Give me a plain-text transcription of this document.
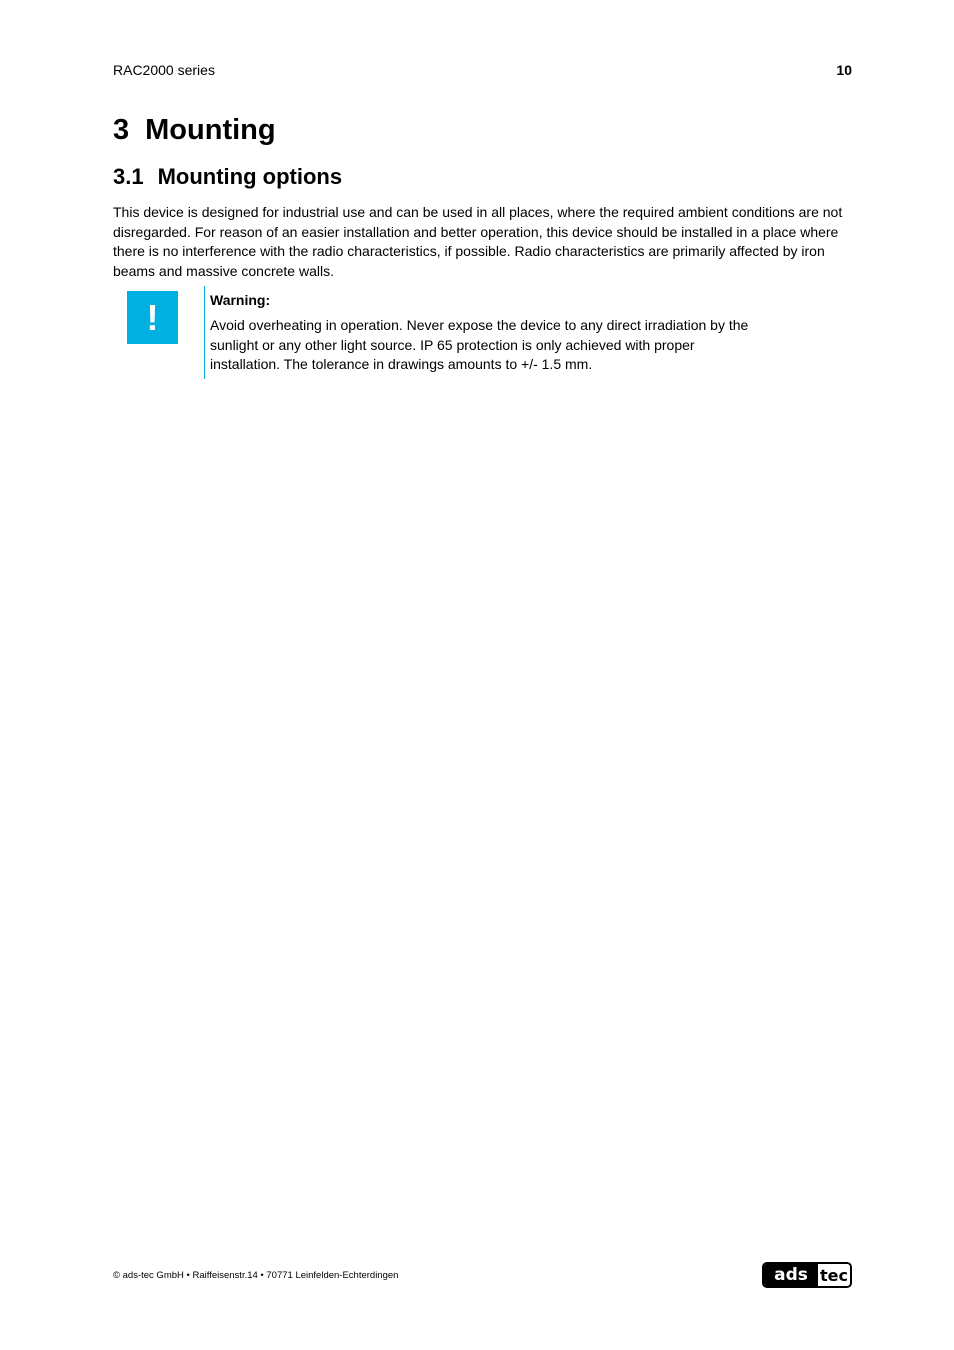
RAC2000 series	10
3 Mounting
3.1 Mounting options

This device is designed for industrial use and can be used in all places, where the required ambient conditions are not disregarded. For reason of an easier installation and better operation, this device should be installed in a place where there is no interference with the radio characteristics, if possible. Radio characteristics are primarily affected by iron beams and massive concrete walls.

!	Warning:

Avoid overheating in operation. Never expose the device to any direct irradiation by the sunlight or any other light source. IP 65 protection is only achieved with proper installation. The tolerance in drawings amounts to +/- 1.5 mm.

© ads-tec GmbH • Raiffeisenstr.14 • 70771 Leinfelden-Echterdingen	ads tec
